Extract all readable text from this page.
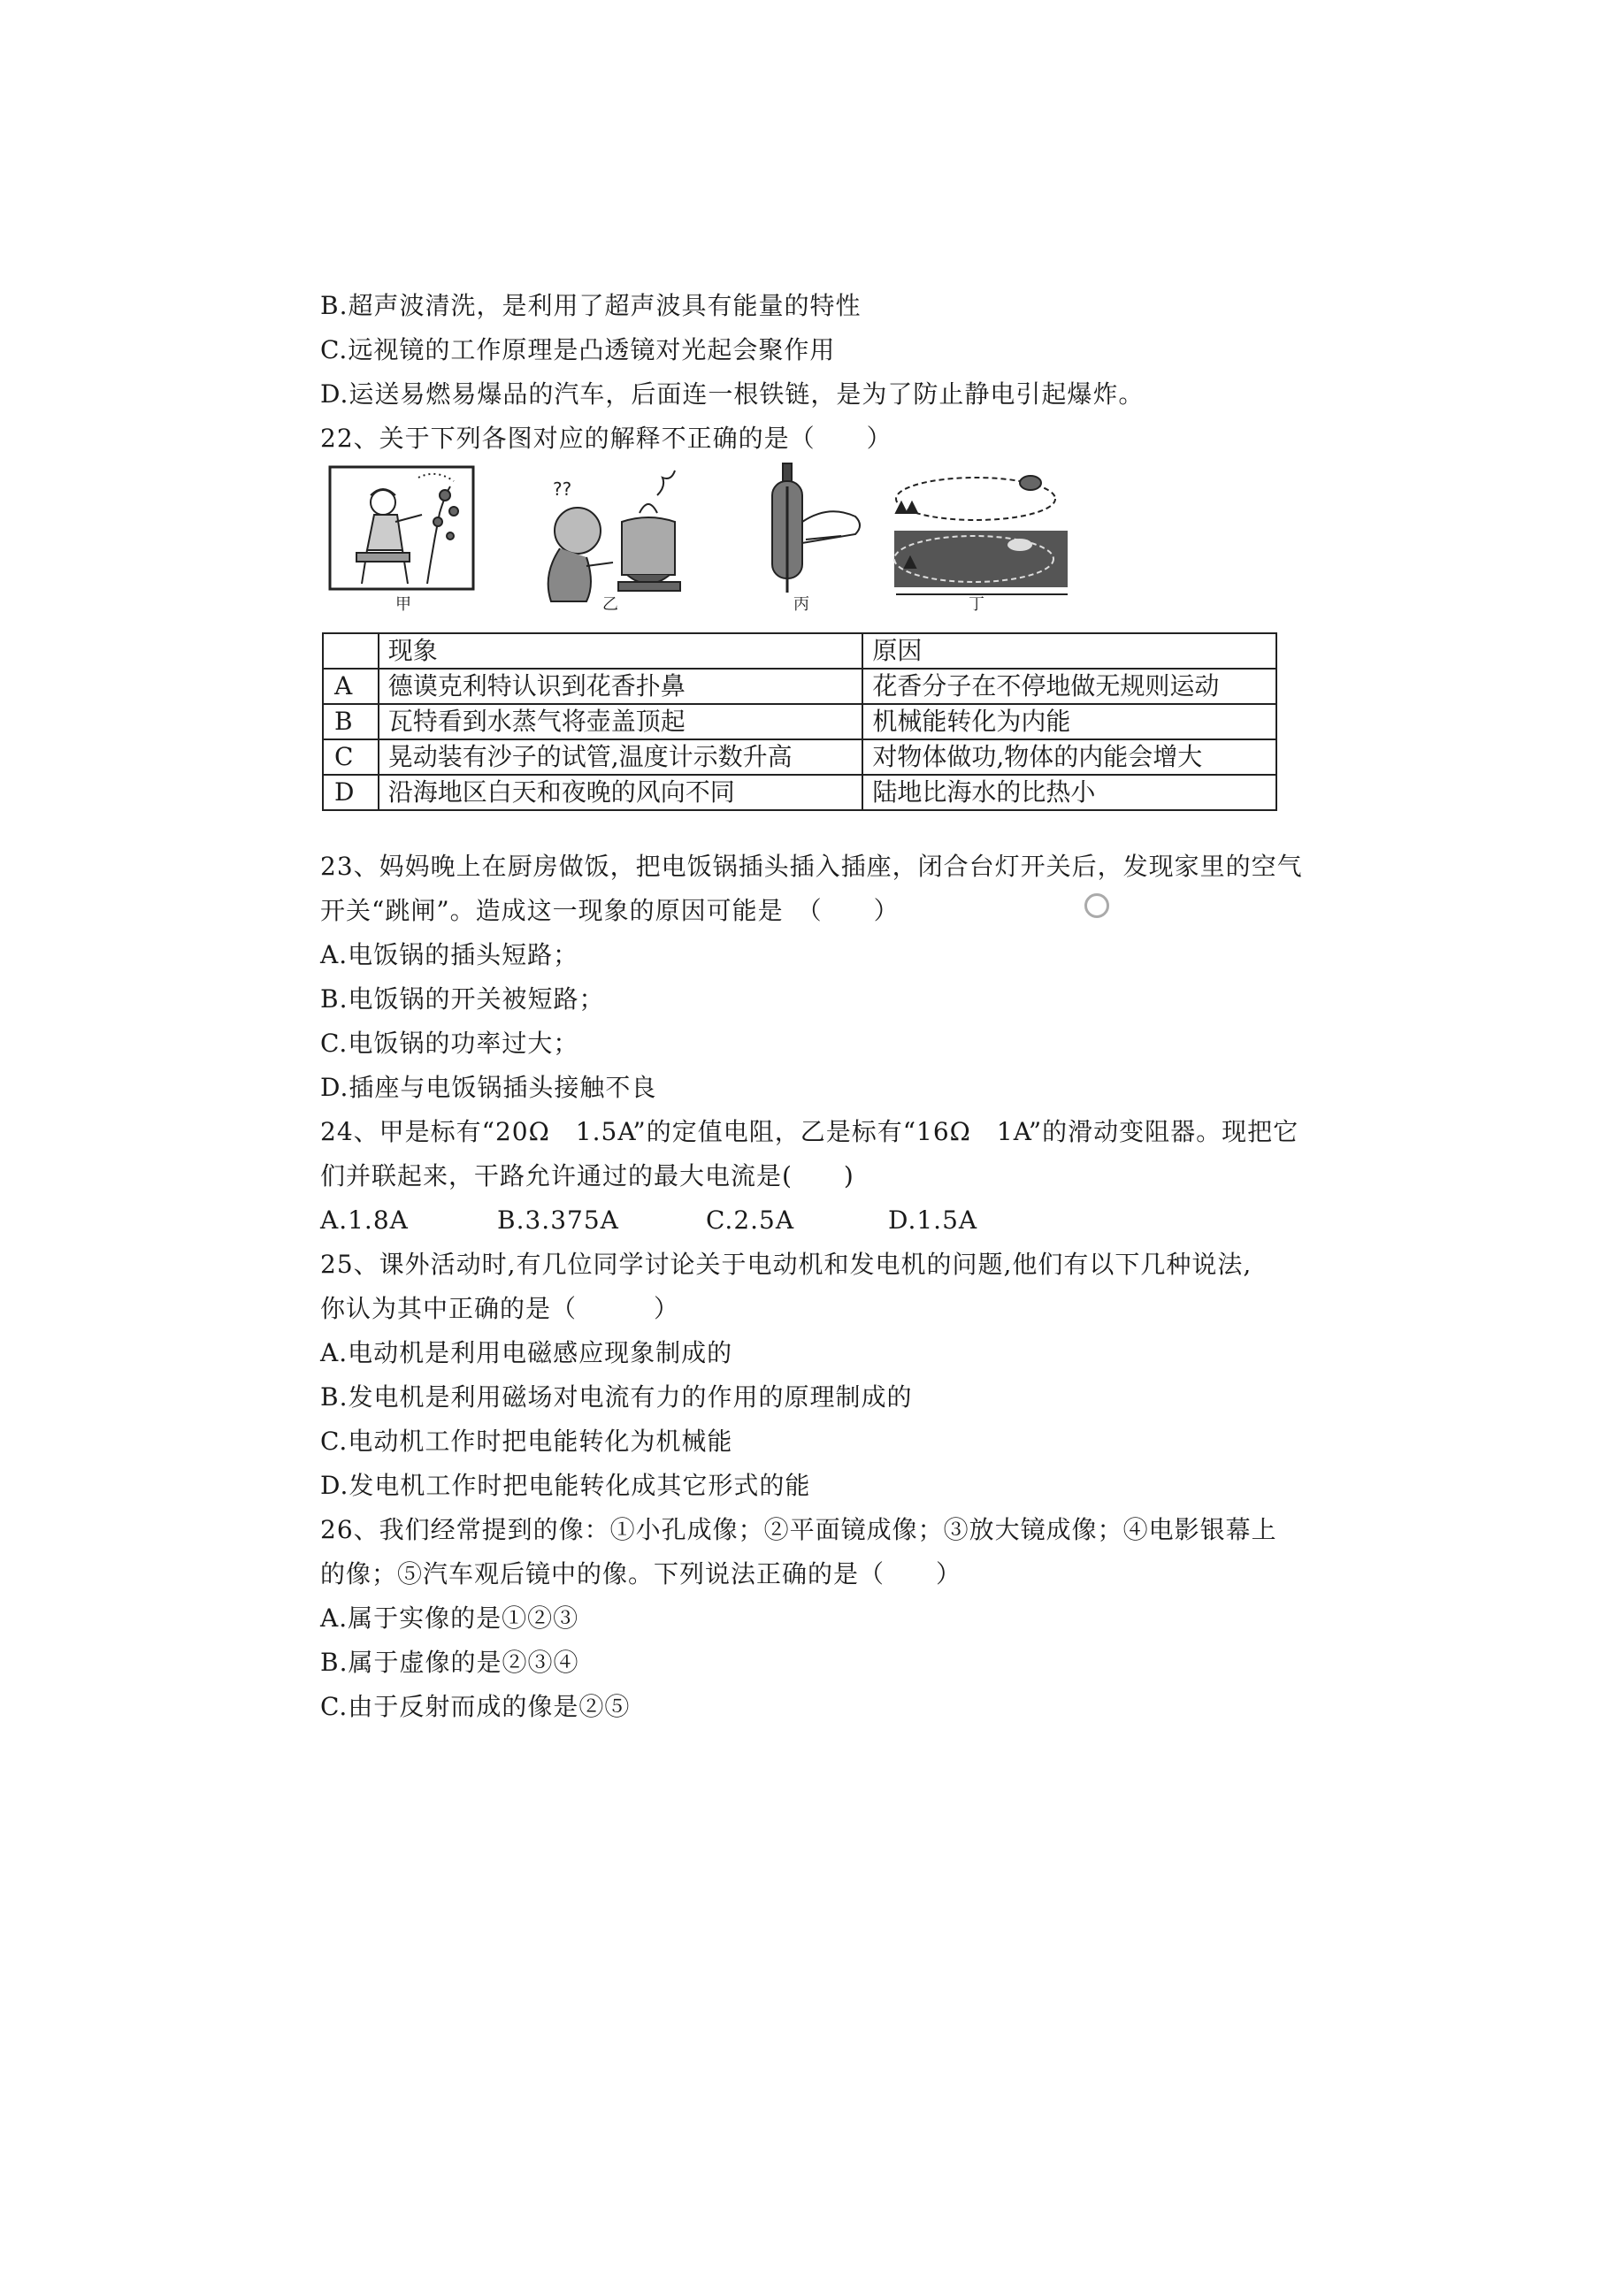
B.超声波清洗，是利用了超声波具有能量的特性
C.远视镜的工作原理是凸透镜对光起会聚作用
D.运送易燃易爆品的汽车，后面连一根铁链，是为了防止静电引起爆炸。
22、关于下列各图对应的解释不正确的是（　　）
??
甲	乙	丙	丁
	现象	原因
A	德谟克利特认识到花香扑鼻	花香分子在不停地做无规则运动
B	瓦特看到水蒸气将壶盖顶起	机械能转化为内能
C	晃动装有沙子的试管,温度计示数升高	对物体做功,物体的内能会增大
D	沿海地区白天和夜晚的风向不同	陆地比海水的比热小
23、妈妈晚上在厨房做饭，把电饭锅插头插入插座，闭合台灯开关后，发现家里的空气
开关“跳闸”。造成这一现象的原因可能是　（　　）
A.电饭锅的插头短路；
B.电饭锅的开关被短路；
C.电饭锅的功率过大；
D.插座与电饭锅插头接触不良
24、甲是标有“20Ω　1.5A”的定值电阻，乙是标有“16Ω　1A”的滑动变阻器。现把它
们并联起来，干路允许通过的最大电流是(　　)
A.1.8A	B.3.375A	C.2.5A	D.1.5A
25、课外活动时,有几位同学讨论关于电动机和发电机的问题,他们有以下几种说法,
你认为其中正确的是（　　　）
A.电动机是利用电磁感应现象制成的
B.发电机是利用磁场对电流有力的作用的原理制成的
C.电动机工作时把电能转化为机械能
D.发电机工作时把电能转化成其它形式的能
26、我们经常提到的像：①小孔成像；②平面镜成像；③放大镜成像；④电影银幕上
的像；⑤汽车观后镜中的像。下列说法正确的是（　　）
A.属于实像的是①②③
B.属于虚像的是②③④
C.由于反射而成的像是②⑤
